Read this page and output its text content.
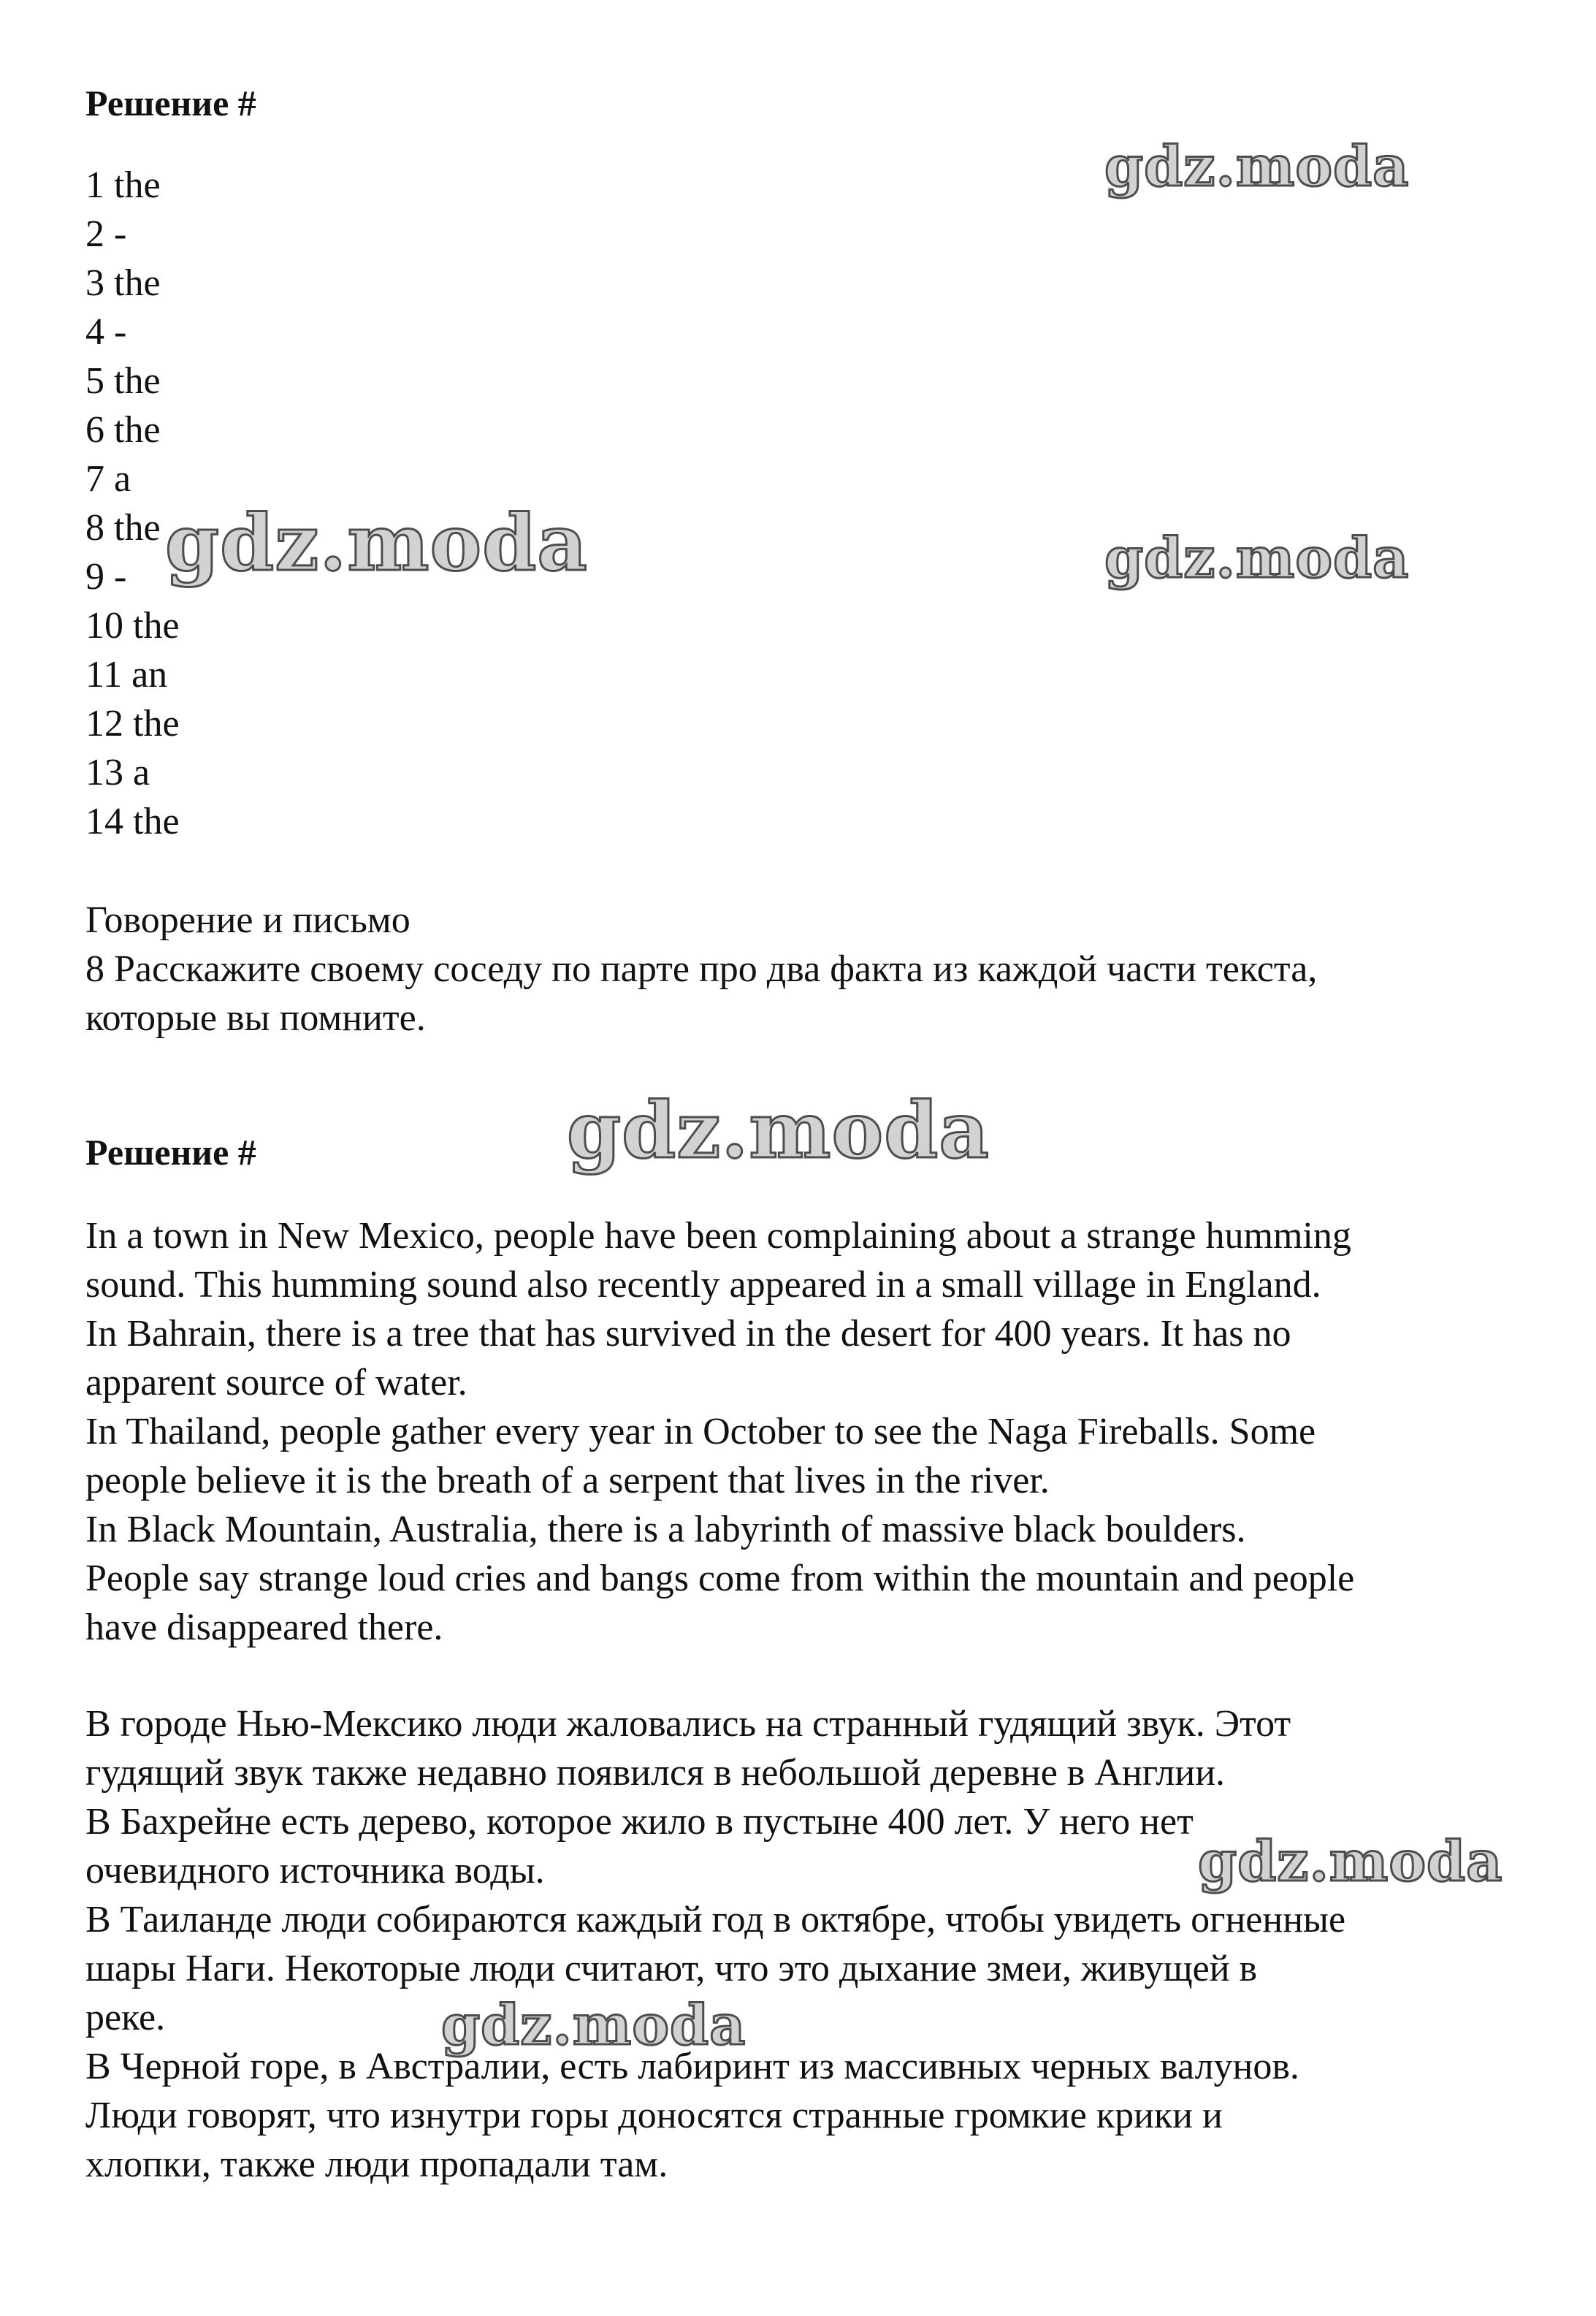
Решение #
1 the
2 -
3 the
4 -
5 the
6 the
7 a
8 the
9 -
10 the
11 an
12 the
13 a
14 the
Говорение и письмо
8 Расскажите своему соседу по парте про два факта из каждой части текста,
которые вы помните.
Решение #
In a town in New Mexico, people have been complaining about a strange humming
sound. This humming sound also recently appeared in a small village in England.
In Bahrain, there is a tree that has survived in the desert for 400 years. It has no
apparent source of water.
In Thailand, people gather every year in October to see the Naga Fireballs. Some
people believe it is the breath of a serpent that lives in the river.
In Black Mountain, Australia, there is a labyrinth of massive black boulders.
People say strange loud cries and bangs come from within the mountain and people
have disappeared there.
В городе Нью-Мексико люди жаловались на странный гудящий звук. Этот
гудящий звук также недавно появился в небольшой деревне в Англии.
В Бахрейне есть дерево, которое жило в пустыне 400 лет. У него нет
очевидного источника воды.
В Таиланде люди собираются каждый год в октябре, чтобы увидеть огненные
шары Наги. Некоторые люди считают, что это дыхание змеи, живущей в
реке.
В Черной горе, в Австралии, есть лабиринт из массивных черных валунов.
Люди говорят, что изнутри горы доносятся странные громкие крики и
хлопки, также люди пропадали там.
gdz.moda
gdz.moda	gdz.moda
gdz.moda
gdz.moda
gdz.moda
